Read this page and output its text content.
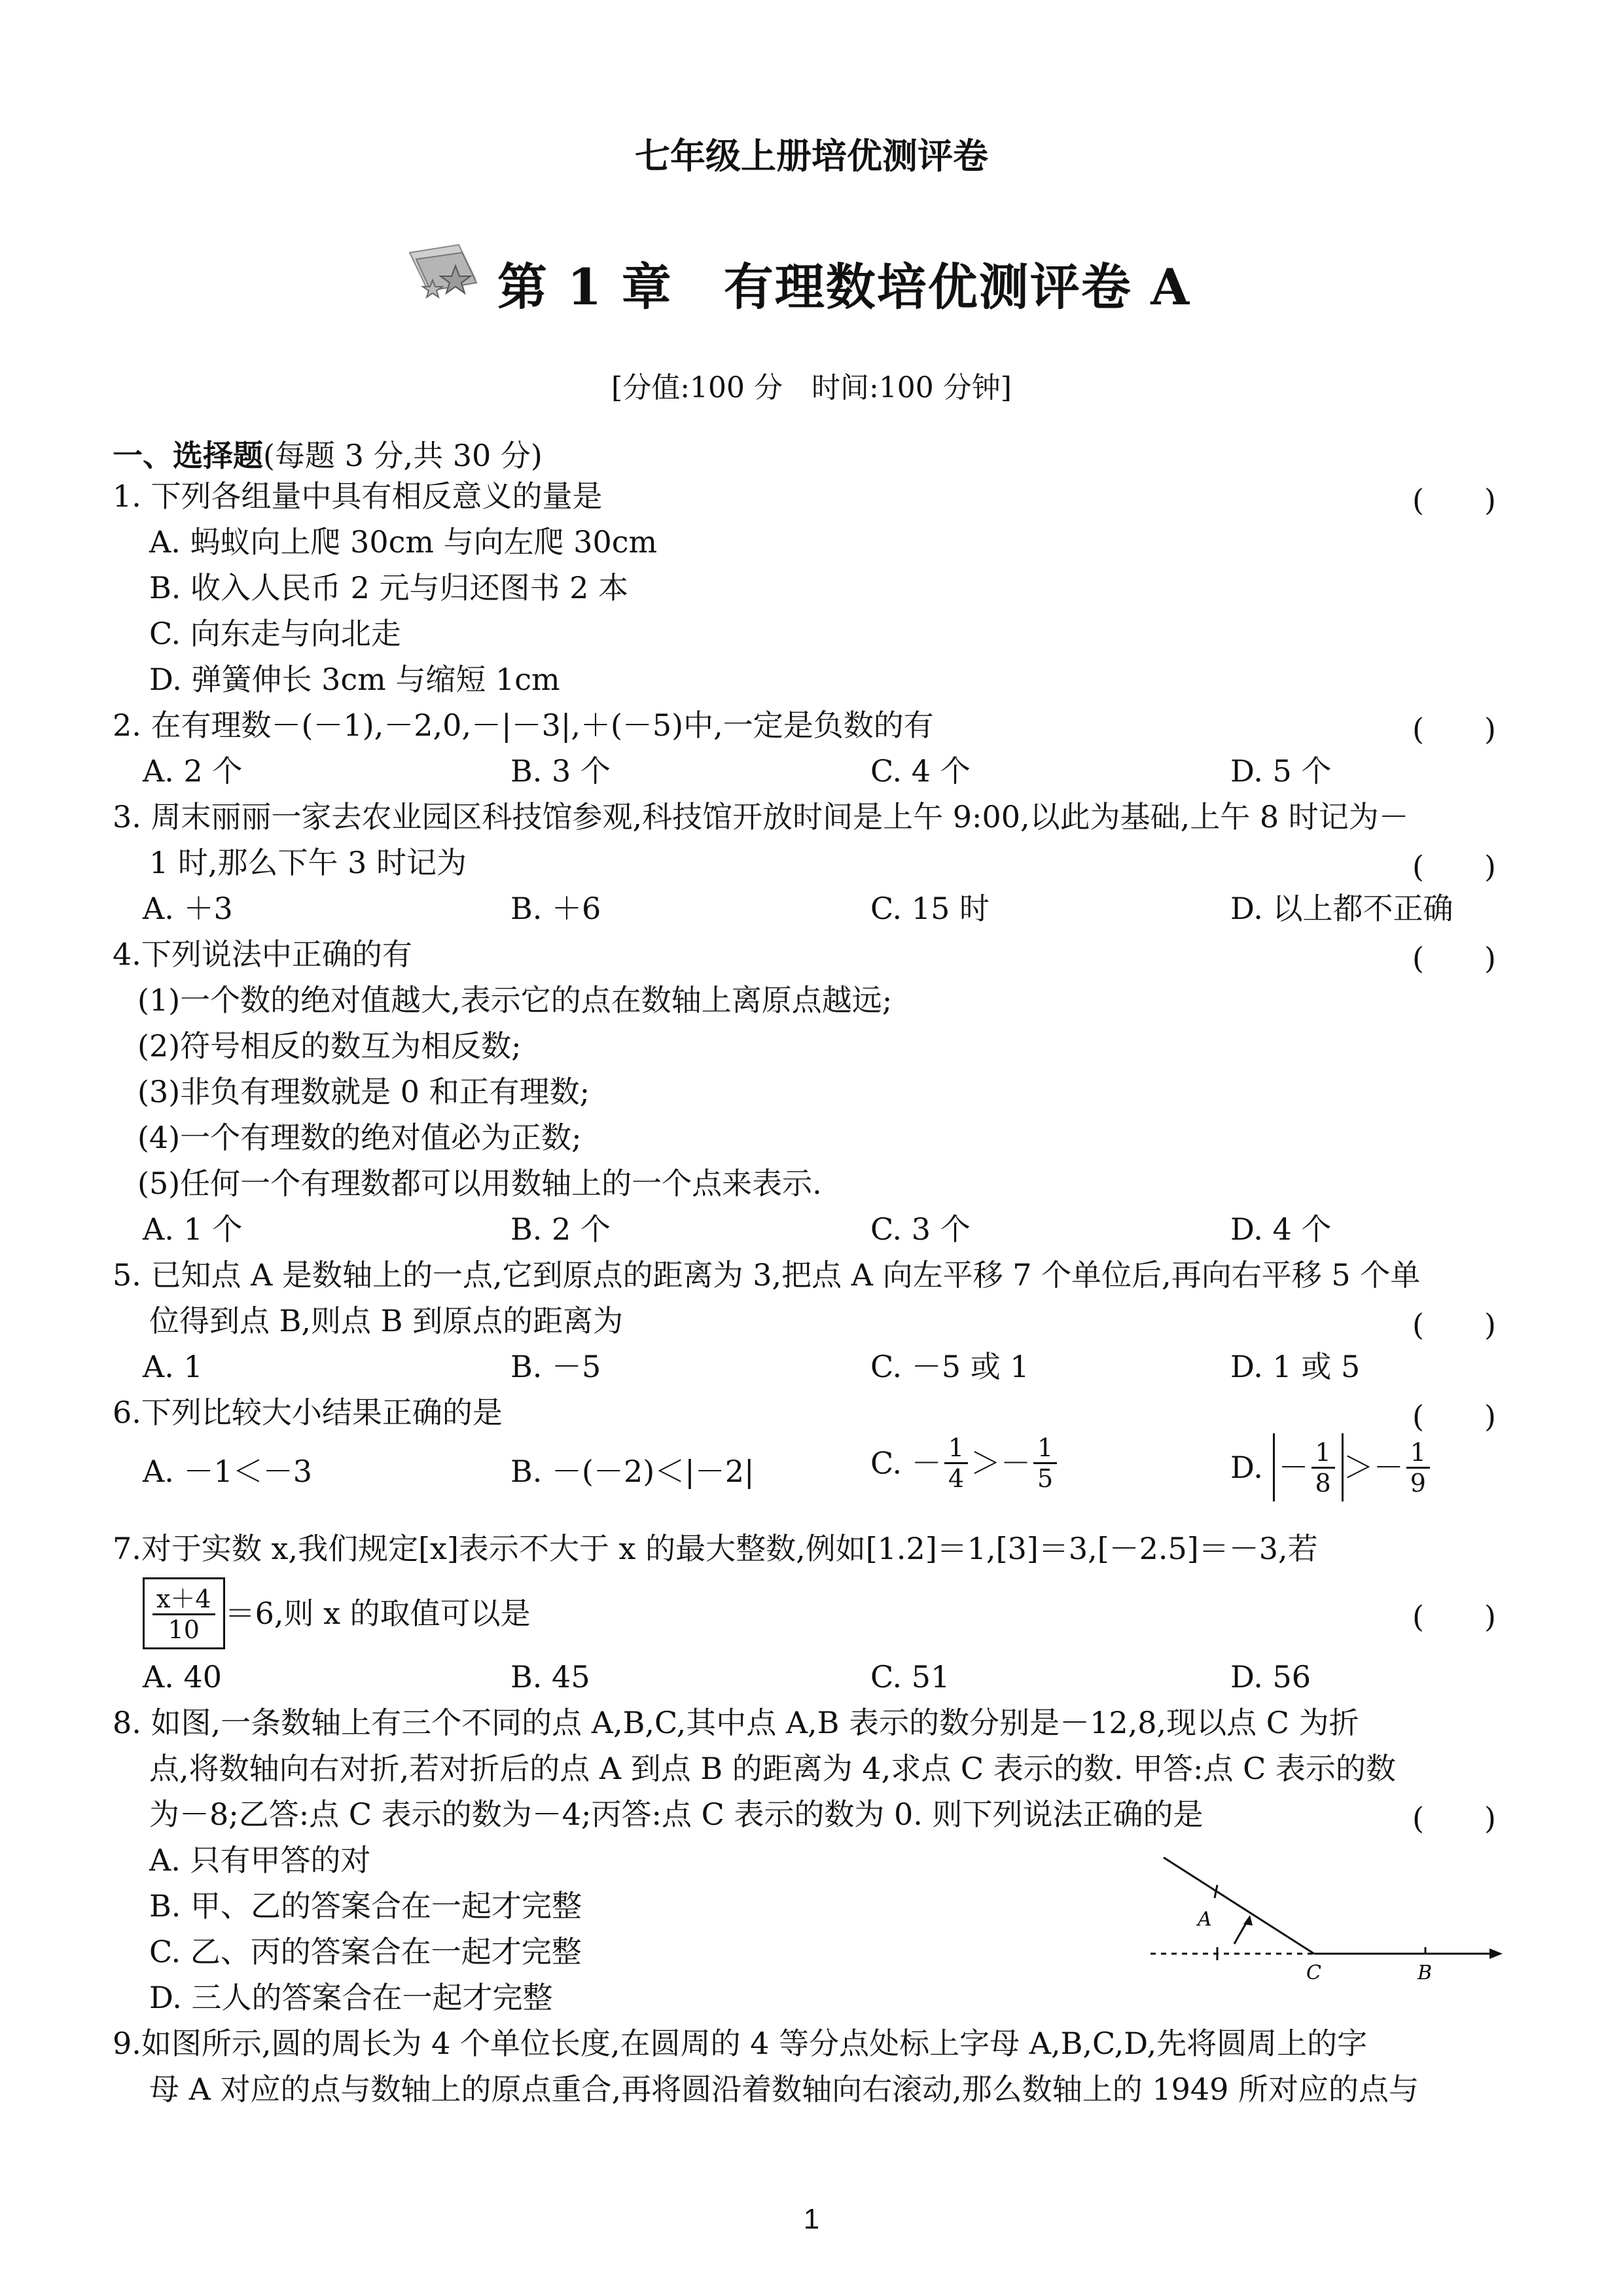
七年级上册培优测评卷
第 1 章　有理数培优测评卷 A
[分值:100 分　时间:100 分钟]
一、选择题(每题 3 分,共 30 分)
1. 下列各组量中具有相反意义的量是	(　　)
A. 蚂蚁向上爬 30cm 与向左爬 30cm
B. 收入人民币 2 元与归还图书 2 本
C. 向东走与向北走
D. 弹簧伸长 3cm 与缩短 1cm
2. 在有理数－(－1),－2,0,－|－3|,＋(－5)中,一定是负数的有	(　　)
A. 2 个	B. 3 个	C. 4 个	D. 5 个
3. 周末丽丽一家去农业园区科技馆参观,科技馆开放时间是上午 9:00,以此为基础,上午 8 时记为－
1 时,那么下午 3 时记为	(　　)
A. ＋3	B. ＋6	C. 15 时	D. 以上都不正确
4.下列说法中正确的有	(　　)
(1)一个数的绝对值越大,表示它的点在数轴上离原点越远;
(2)符号相反的数互为相反数;
(3)非负有理数就是 0 和正有理数;
(4)一个有理数的绝对值必为正数;
(5)任何一个有理数都可以用数轴上的一个点来表示.
A. 1 个	B. 2 个	C. 3 个	D. 4 个
5. 已知点 A 是数轴上的一点,它到原点的距离为 3,把点 A 向左平移 7 个单位后,再向右平移 5 个单
位得到点 B,则点 B 到原点的距离为	(　　)
A. 1	B. －5	C. －5 或 1	D. 1 或 5
6.下列比较大小结果正确的是	(　　)
A. －1＜－3	B. －(－2)＜|－2|	C. － $\frac{1}{4} >- \frac{1}{5}$	D. － $\frac{1}{8} >- \frac{1}{9}$
7.对于实数 x,我们规定[x]表示不大于 x 的最大整数,例如[1.2]＝1,[3]＝3,[－2.5]＝－3,若
$\frac{x+4}{10} =6$,则 x 的取值可以是	(　　)
A. 40	B. 45	C. 51	D. 56
8. 如图,一条数轴上有三个不同的点 A,B,C,其中点 A,B 表示的数分别是－12,8,现以点 C 为折
点,将数轴向右对折,若对折后的点 A 到点 B 的距离为 4,求点 C 表示的数. 甲答:点 C 表示的数
为－8;乙答:点 C 表示的数为－4;丙答:点 C 表示的数为 0. 则下列说法正确的是	(　　)
A. 只有甲答的对
B. 甲、乙的答案合在一起才完整
C. 乙、丙的答案合在一起才完整
D. 三人的答案合在一起才完整
A
C	B
9.如图所示,圆的周长为 4 个单位长度,在圆周的 4 等分点处标上字母 A,B,C,D,先将圆周上的字
母 A 对应的点与数轴上的原点重合,再将圆沿着数轴向右滚动,那么数轴上的 1949 所对应的点与
1
